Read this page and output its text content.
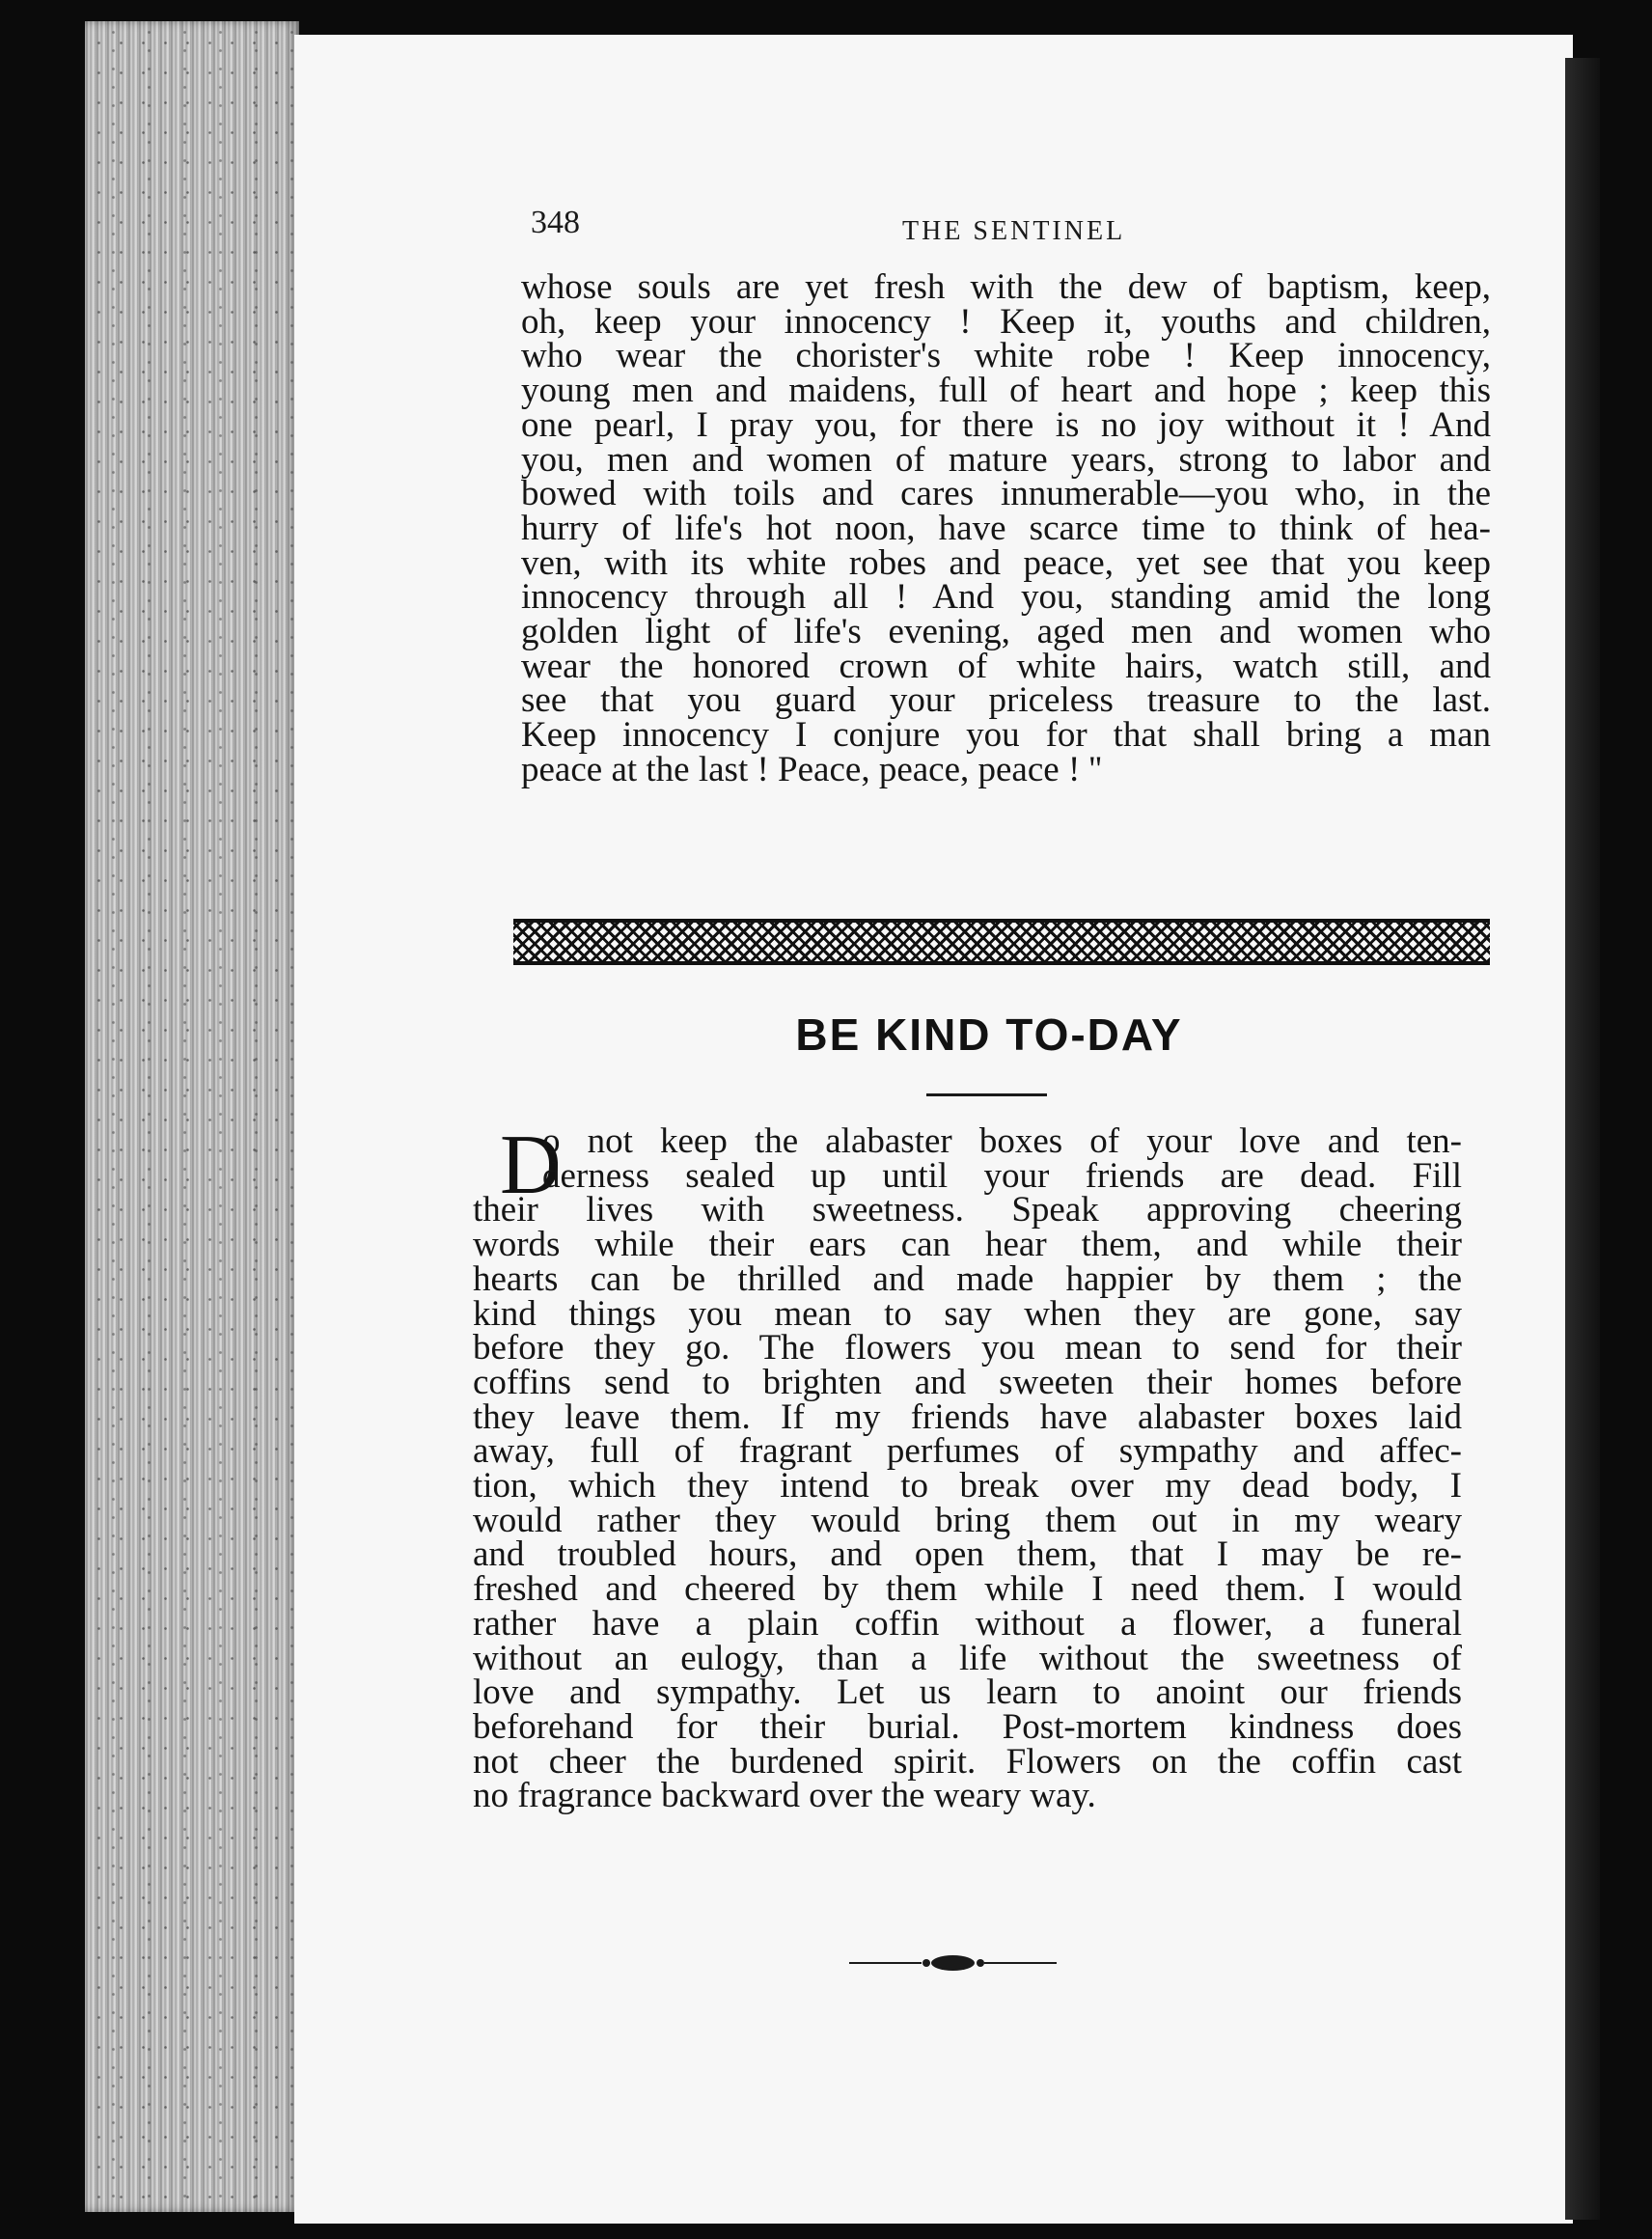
348	THE SENTINEL
whose souls are yet fresh with the dew of baptism, keep,
oh, keep your innocency ! Keep it, youths and children,
who wear the chorister's white robe ! Keep innocency,
young men and maidens, full of heart and hope ; keep this
one pearl, I pray you, for there is no joy without it ! And
you, men and women of mature years, strong to labor and
bowed with toils and cares innumerable—you who, in the
hurry of life's hot noon, have scarce time to think of hea-
ven, with its white robes and peace, yet see that you keep
innocency through all ! And you, standing amid the long
golden light of life's evening, aged men and women who
wear the honored crown of white hairs, watch still, and
see that you guard your priceless treasure to the last.
Keep innocency I conjure you for that shall bring a man
peace at the last ! Peace, peace, peace ! ''
BE KIND TO-DAY
D
o not keep the alabaster boxes of your love and ten-
derness sealed up until your friends are dead. Fill
their lives with sweetness. Speak approving cheering
words while their ears can hear them, and while their
hearts can be thrilled and made happier by them ; the
kind things you mean to say when they are gone, say
before they go. The flowers you mean to send for their
coffins send to brighten and sweeten their homes before
they leave them. If my friends have alabaster boxes laid
away, full of fragrant perfumes of sympathy and affec-
tion, which they intend to break over my dead body, I
would rather they would bring them out in my weary
and troubled hours, and open them, that I may be re-
freshed and cheered by them while I need them. I would
rather have a plain coffin without a flower, a funeral
without an eulogy, than a life without the sweetness of
love and sympathy. Let us learn to anoint our friends
beforehand for their burial. Post-mortem kindness does
not cheer the burdened spirit. Flowers on the coffin cast
no fragrance backward over the weary way.
